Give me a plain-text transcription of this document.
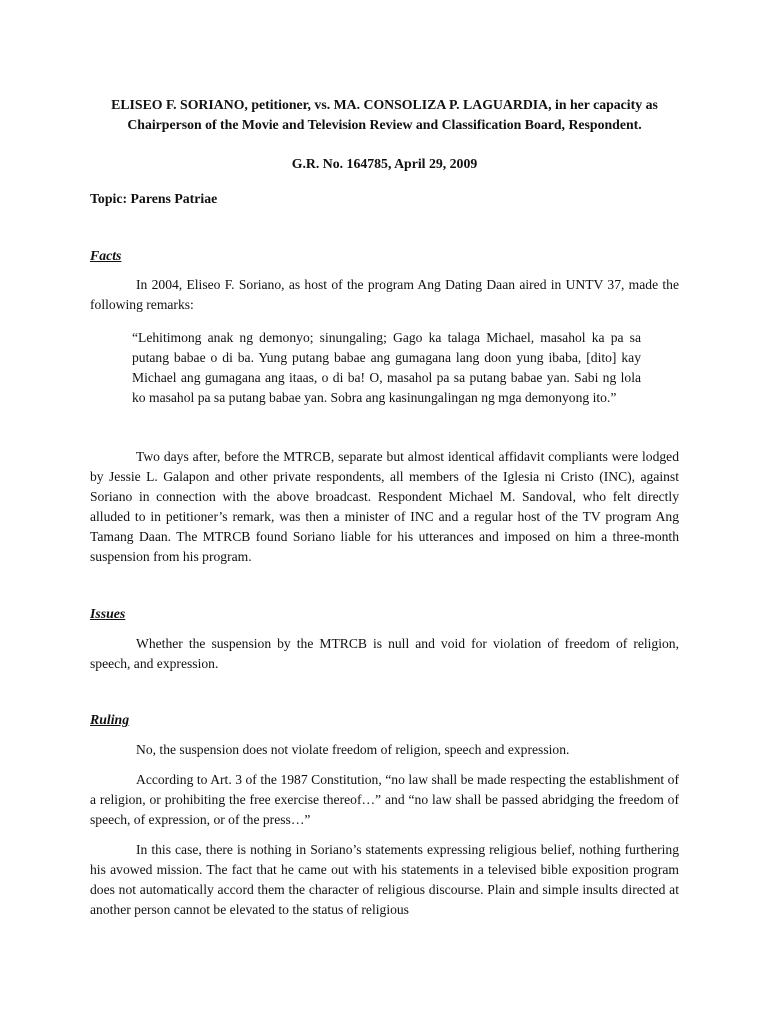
ELISEO F. SORIANO, petitioner, vs. MA. CONSOLIZA P. LAGUARDIA, in her capacity as Chairperson of the Movie and Television Review and Classification Board, Respondent.

G.R. No. 164785, April 29, 2009

Topic: Parens Patriae

Facts

In 2004, Eliseo F. Soriano, as host of the program Ang Dating Daan aired in UNTV 37, made the following remarks:

“Lehitimong anak ng demonyo; sinungaling; Gago ka talaga Michael, masahol ka pa sa putang babae o di ba. Yung putang babae ang gumagana lang doon yung ibaba, [dito] kay Michael ang gumagana ang itaas, o di ba! O, masahol pa sa putang babae yan. Sabi ng lola ko masahol pa sa putang babae yan. Sobra ang kasinungalingan ng mga demonyong ito.”

Two days after, before the MTRCB, separate but almost identical affidavit compliants were lodged by Jessie L. Galapon and other private respondents, all members of the Iglesia ni Cristo (INC), against Soriano in connection with the above broadcast. Respondent Michael M. Sandoval, who felt directly alluded to in petitioner’s remark, was then a minister of INC and a regular host of the TV program Ang Tamang Daan. The MTRCB found Soriano liable for his utterances and imposed on him a three-month suspension from his program.

Issues

Whether the suspension by the MTRCB is null and void for violation of freedom of religion, speech, and expression.

Ruling

No, the suspension does not violate freedom of religion, speech and expression.

According to Art. 3 of the 1987 Constitution, “no law shall be made respecting the establishment of a religion, or prohibiting the free exercise thereof…” and “no law shall be passed abridging the freedom of speech, of expression, or of the press…”

In this case, there is nothing in Soriano’s statements expressing religious belief, nothing furthering his avowed mission. The fact that he came out with his statements in a televised bible exposition program does not automatically accord them the character of religious discourse. Plain and simple insults directed at another person cannot be elevated to the status of religious
